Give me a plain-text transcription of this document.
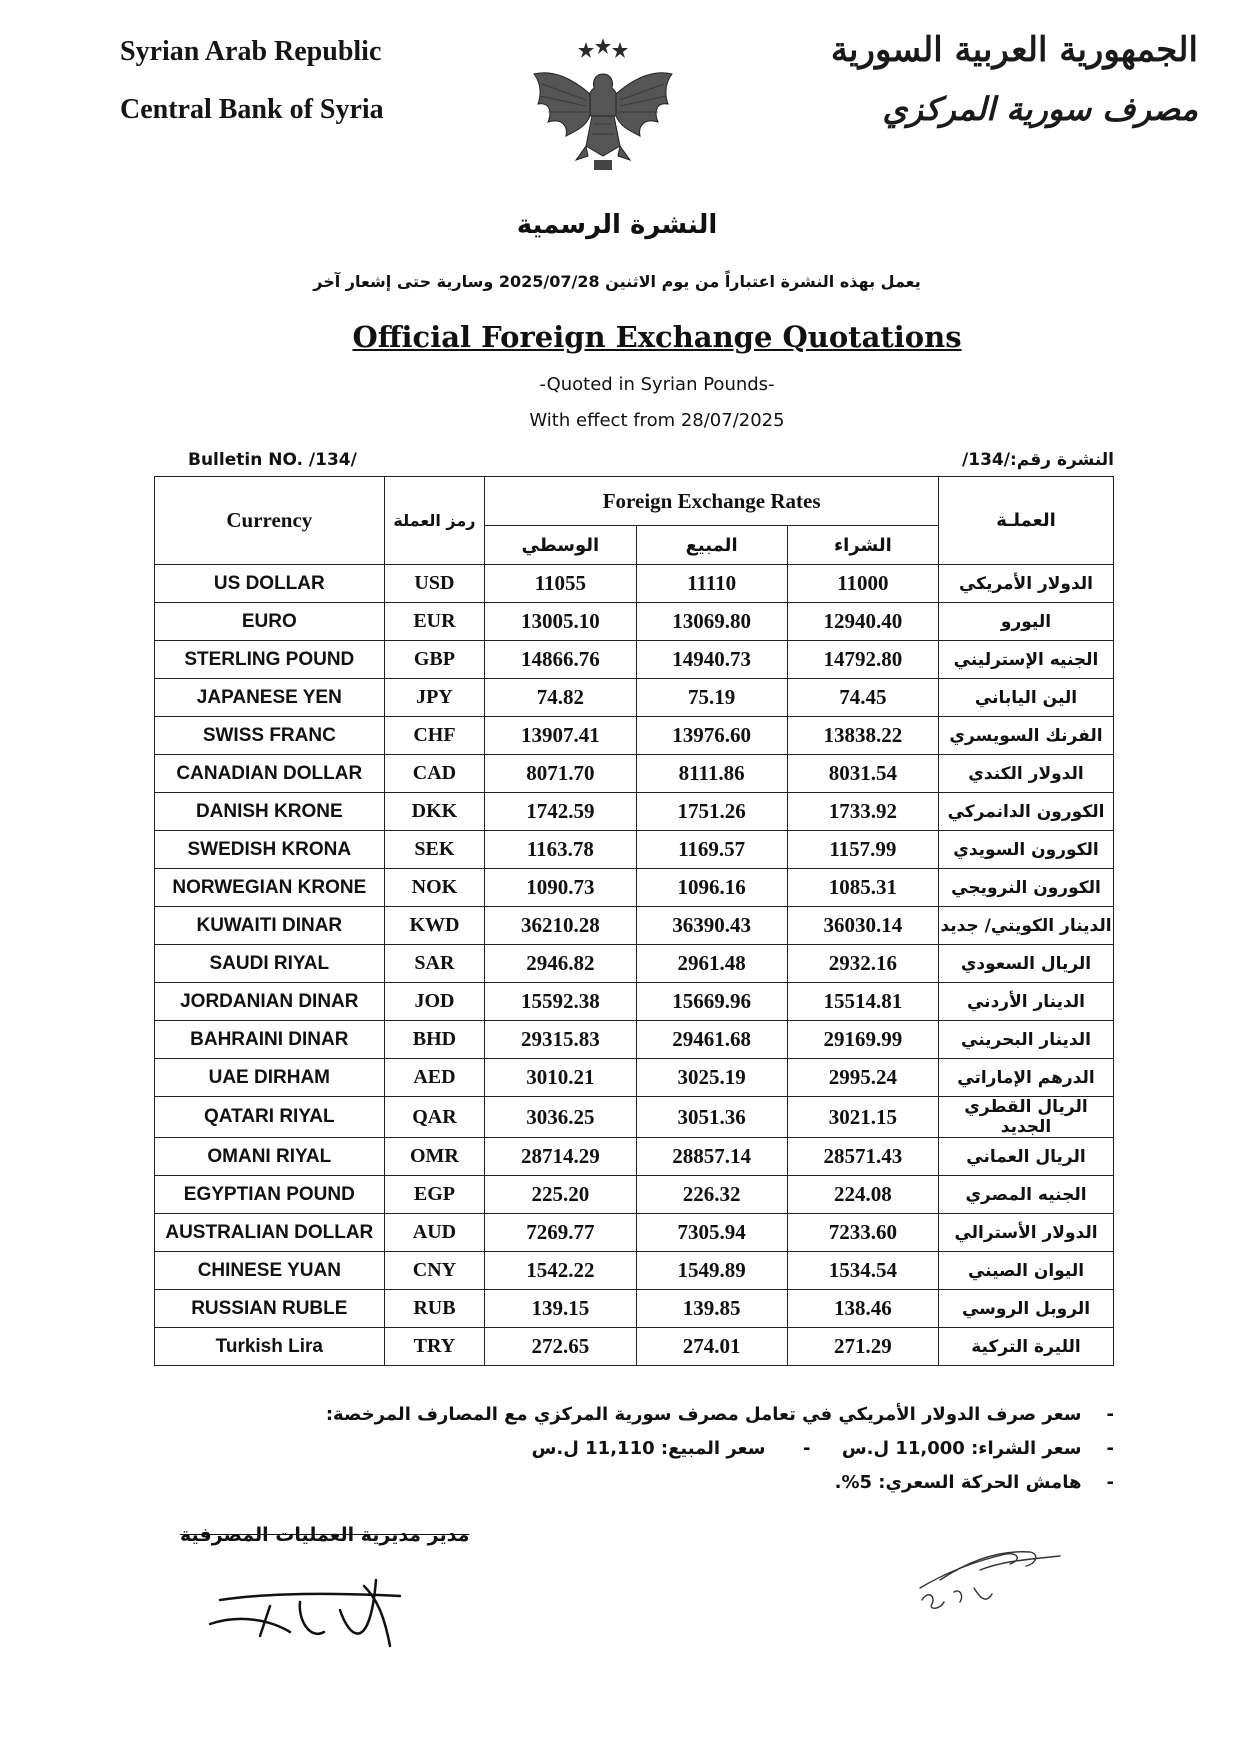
Syrian Arab Republic
Central Bank of Syria
الجمهورية العربية السورية
مصرف سورية المركزي
النشرة الرسمية
يعمل بهذه النشرة اعتباراً من يوم الاثنين 2025/07/28 وسارية حتى إشعار آخر
Official Foreign Exchange Quotations
-Quoted in Syrian Pounds-
With effect from 28/07/2025
Bulletin NO. /134/	النشرة رقم:/134/
Currency	رمز العملة	Foreign Exchange Rates			العملـة
		الوسطي	المبيع	الشراء	
US DOLLAR	USD	11055	11110	11000	الدولار الأمريكي
EURO	EUR	13005.10	13069.80	12940.40	اليورو
STERLING POUND	GBP	14866.76	14940.73	14792.80	الجنيه الإسترليني
JAPANESE YEN	JPY	74.82	75.19	74.45	الين الياباني
SWISS FRANC	CHF	13907.41	13976.60	13838.22	الفرنك السويسري
CANADIAN DOLLAR	CAD	8071.70	8111.86	8031.54	الدولار الكندي
DANISH KRONE	DKK	1742.59	1751.26	1733.92	الكورون الدانمركي
SWEDISH KRONA	SEK	1163.78	1169.57	1157.99	الكورون السويدي
NORWEGIAN KRONE	NOK	1090.73	1096.16	1085.31	الكورون النرويجي
KUWAITI DINAR	KWD	36210.28	36390.43	36030.14	الدينار الكويتي/ جديد
SAUDI RIYAL	SAR	2946.82	2961.48	2932.16	الريال السعودي
JORDANIAN DINAR	JOD	15592.38	15669.96	15514.81	الدينار الأردني
BAHRAINI DINAR	BHD	29315.83	29461.68	29169.99	الدينار البحريني
UAE DIRHAM	AED	3010.21	3025.19	2995.24	الدرهم الإماراتي
QATARI RIYAL	QAR	3036.25	3051.36	3021.15	الريال القطري الجديد
OMANI RIYAL	OMR	28714.29	28857.14	28571.43	الريال العماني
EGYPTIAN POUND	EGP	225.20	226.32	224.08	الجنيه المصري
AUSTRALIAN DOLLAR	AUD	7269.77	7305.94	7233.60	الدولار الأسترالي
CHINESE YUAN	CNY	1542.22	1549.89	1534.54	اليوان الصيني
RUSSIAN RUBLE	RUB	139.15	139.85	138.46	الروبل الروسي
Turkish Lira	TRY	272.65	274.01	271.29	الليرة التركية
-    سعر صرف الدولار الأمريكي في تعامل مصرف سورية المركزي مع المصارف المرخصة:
-    سعر الشراء: 11,000 ل.س     -      سعر المبيع: 11,110 ل.س
-    هامش الحركة السعري: 5%.
مدير مديرية العمليات المصرفية
